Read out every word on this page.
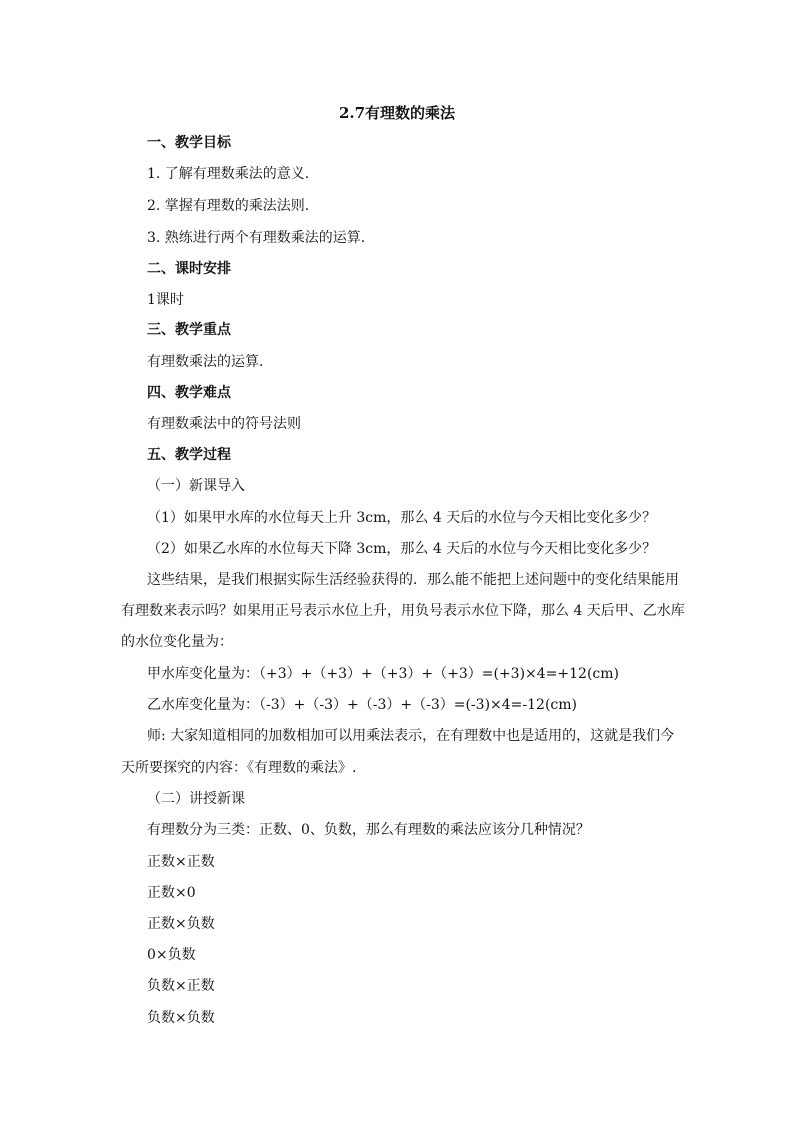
2.7有理数的乘法

一、教学目标

1. 了解有理数乘法的意义.

2. 掌握有理数的乘法法则.

3. 熟练进行两个有理数乘法的运算.

二、课时安排

1课时

三、教学重点

有理数乘法的运算.

四、教学难点

有理数乘法中的符号法则

五、教学过程

（一）新课导入

（1）如果甲水库的水位每天上升 3cm，那么 4 天后的水位与今天相比变化多少？

（2）如果乙水库的水位每天下降 3cm，那么 4 天后的水位与今天相比变化多少？

这些结果，是我们根据实际生活经验获得的．那么能不能把上述问题中的变化结果能用

有理数来表示吗？如果用正号表示水位上升，用负号表示水位下降，那么 4 天后甲、乙水库

的水位变化量为：

甲水库变化量为：（+3）+（+3）+（+3）+（+3）=(+3)×4=+12(cm)

乙水库变化量为：（-3）+（-3）+（-3）+（-3）=(-3)×4=-12(cm)

师: 大家知道相同的加数相加可以用乘法表示，在有理数中也是适用的，这就是我们今

天所要探究的内容：《有理数的乘法》.

（二）讲授新课

有理数分为三类：正数、0、负数，那么有理数的乘法应该分几种情况？

正数×正数

正数×0

正数×负数

0×负数

负数×正数

负数×负数
